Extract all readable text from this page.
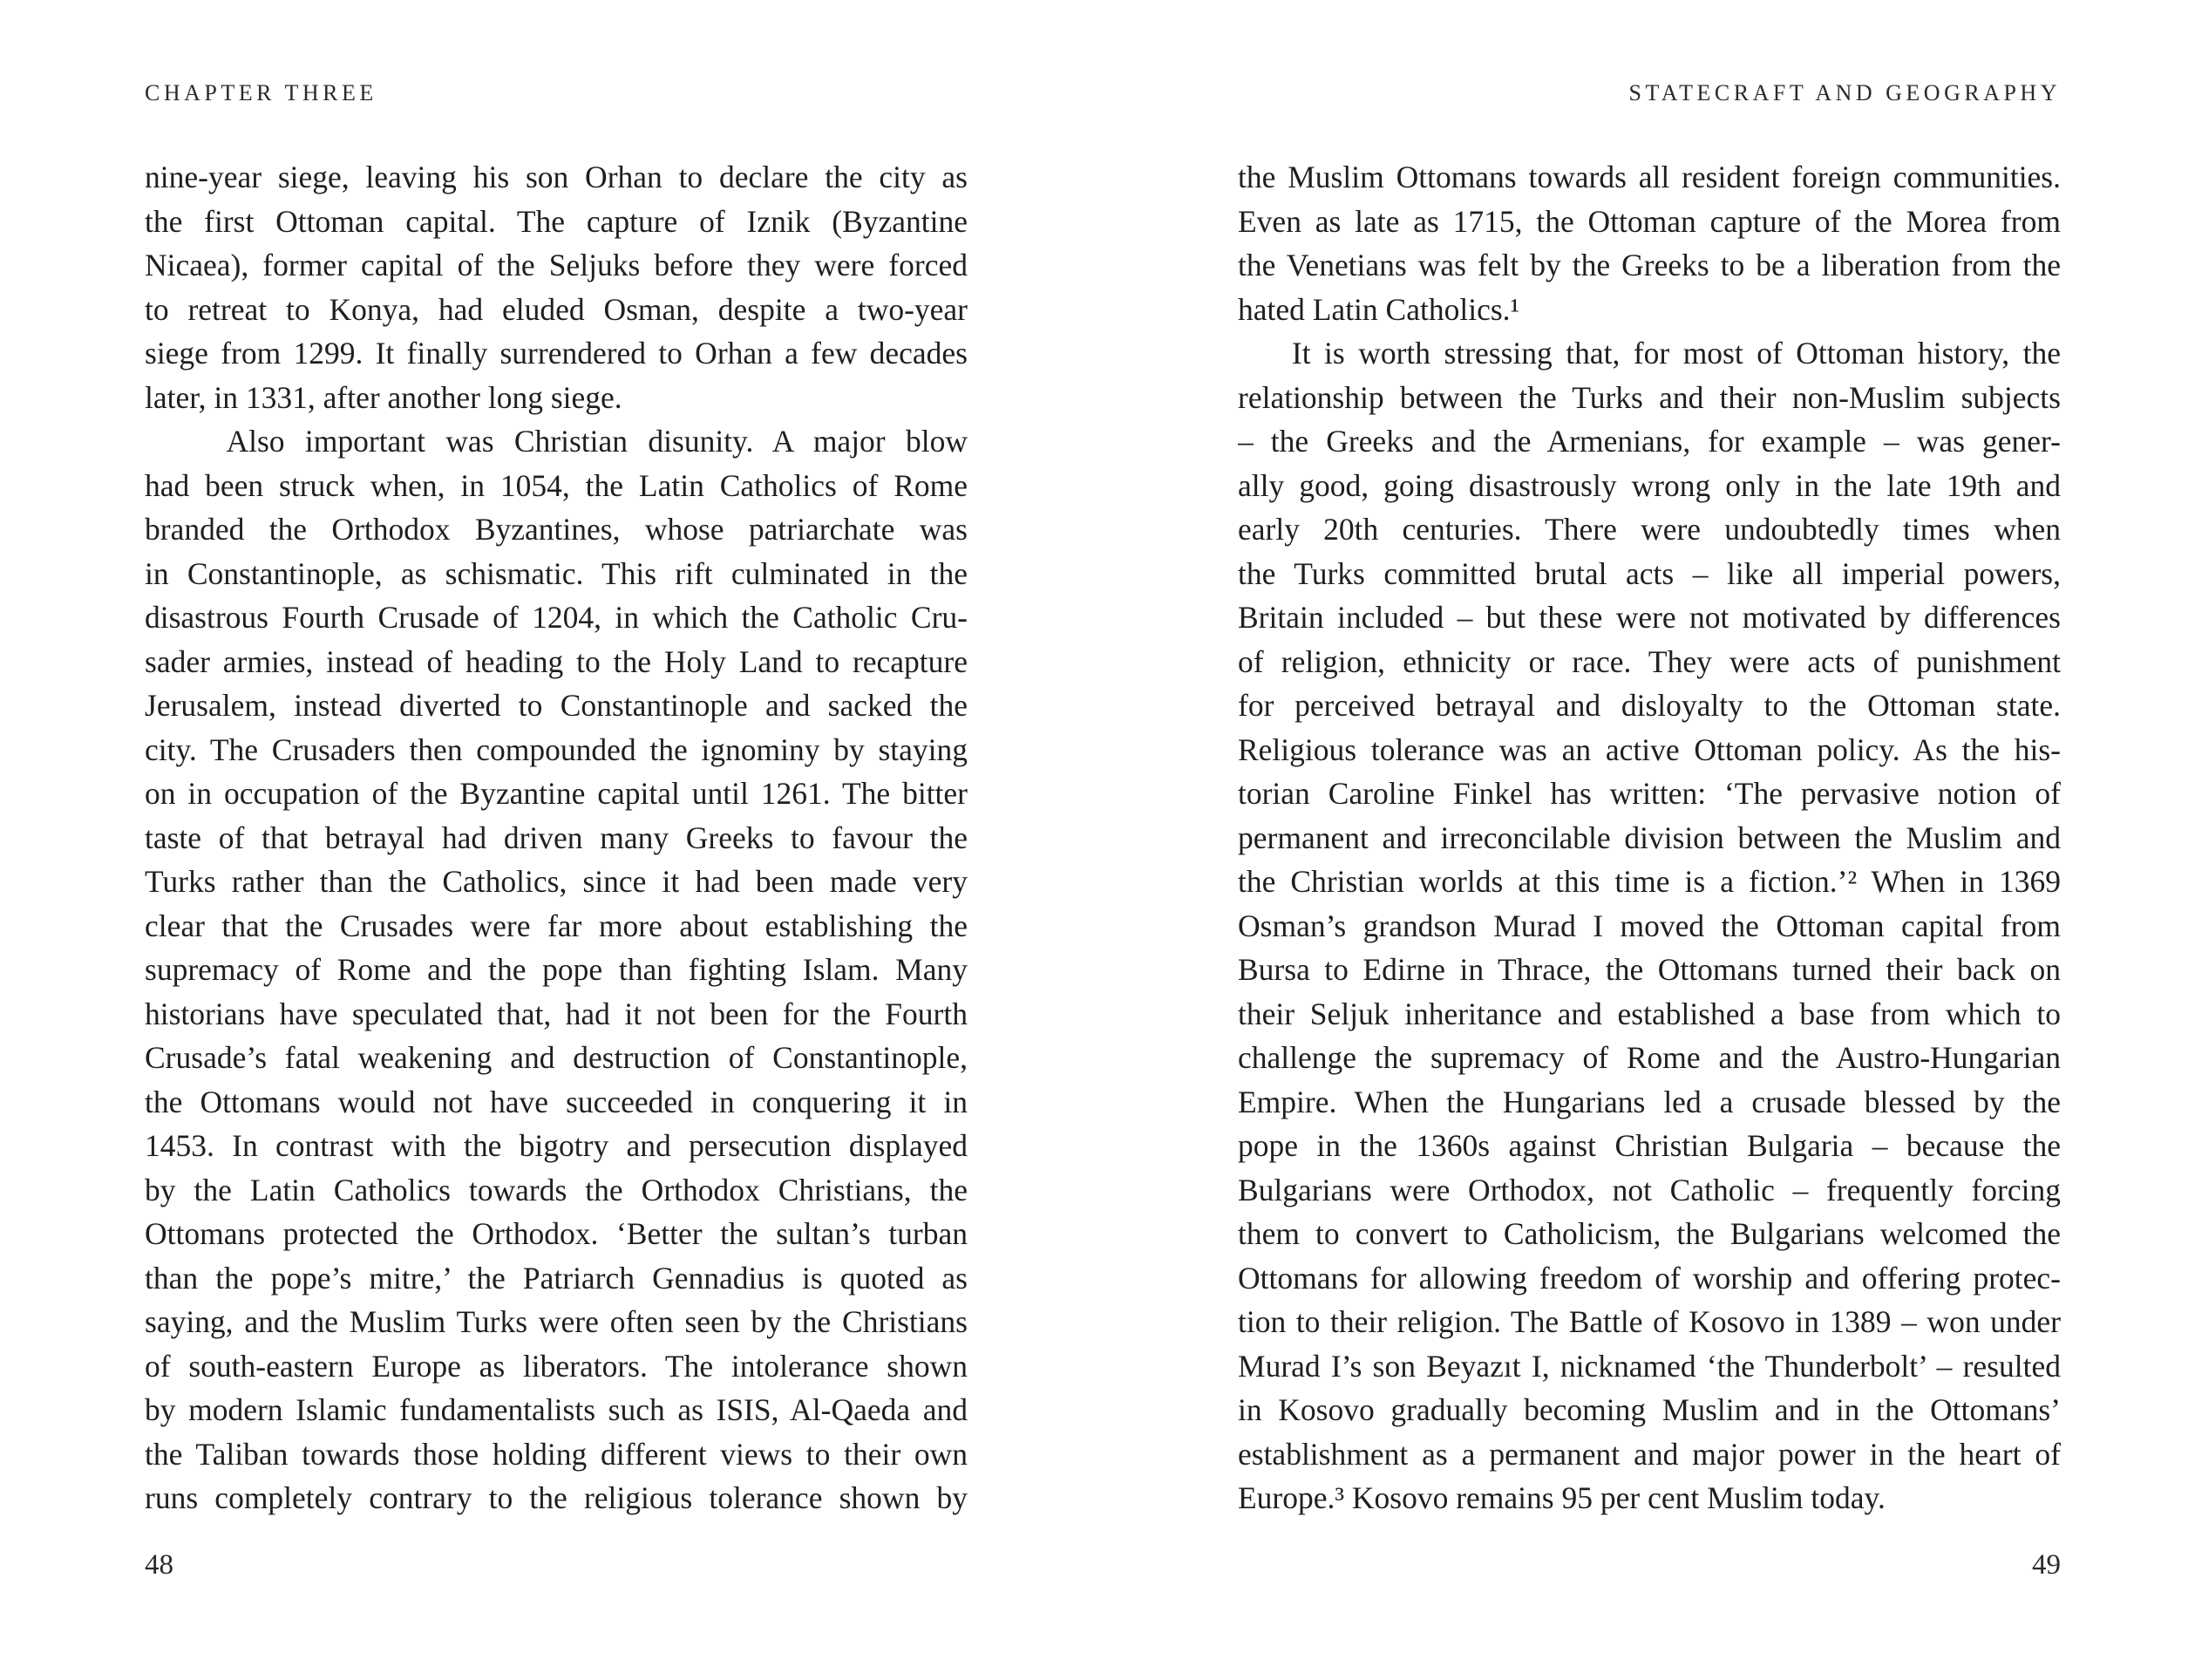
CHAPTER THREE
nine-year siege, leaving his son Orhan to declare the city as
the first Ottoman capital. The capture of Iznik (Byzantine
Nicaea), former capital of the Seljuks before they were forced
to retreat to Konya, had eluded Osman, despite a two-year
siege from 1299. It finally surrendered to Orhan a few decades
later, in 1331, after another long siege.
Also important was Christian disunity. A major blow
had been struck when, in 1054, the Latin Catholics of Rome
branded the Orthodox Byzantines, whose patriarchate was
in Constantinople, as schismatic. This rift culminated in the
disastrous Fourth Crusade of 1204, in which the Catholic Cru-
sader armies, instead of heading to the Holy Land to recapture
Jerusalem, instead diverted to Constantinople and sacked the
city. The Crusaders then compounded the ignominy by staying
on in occupation of the Byzantine capital until 1261. The bitter
taste of that betrayal had driven many Greeks to favour the
Turks rather than the Catholics, since it had been made very
clear that the Crusades were far more about establishing the
supremacy of Rome and the pope than fighting Islam. Many
historians have speculated that, had it not been for the Fourth
Crusade’s fatal weakening and destruction of Constantinople,
the Ottomans would not have succeeded in conquering it in
1453. In contrast with the bigotry and persecution displayed
by the Latin Catholics towards the Orthodox Christians, the
Ottomans protected the Orthodox. ‘Better the sultan’s turban
than the pope’s mitre,’ the Patriarch Gennadius is quoted as
saying, and the Muslim Turks were often seen by the Christians
of south-eastern Europe as liberators. The intolerance shown
by modern Islamic fundamentalists such as ISIS, Al-Qaeda and
the Taliban towards those holding different views to their own
runs completely contrary to the religious tolerance shown by
48
STATECRAFT AND GEOGRAPHY
the Muslim Ottomans towards all resident foreign communities.
Even as late as 1715, the Ottoman capture of the Morea from
the Venetians was felt by the Greeks to be a liberation from the
hated Latin Catholics.¹
It is worth stressing that, for most of Ottoman history, the
relationship between the Turks and their non-Muslim subjects
– the Greeks and the Armenians, for example – was gener-
ally good, going disastrously wrong only in the late 19th and
early 20th centuries. There were undoubtedly times when
the Turks committed brutal acts – like all imperial powers,
Britain included – but these were not motivated by differences
of religion, ethnicity or race. They were acts of punishment
for perceived betrayal and disloyalty to the Ottoman state.
Religious tolerance was an active Ottoman policy. As the his-
torian Caroline Finkel has written: ‘The pervasive notion of
permanent and irreconcilable division between the Muslim and
the Christian worlds at this time is a fiction.’² When in 1369
Osman’s grandson Murad I moved the Ottoman capital from
Bursa to Edirne in Thrace, the Ottomans turned their back on
their Seljuk inheritance and established a base from which to
challenge the supremacy of Rome and the Austro-Hungarian
Empire. When the Hungarians led a crusade blessed by the
pope in the 1360s against Christian Bulgaria – because the
Bulgarians were Orthodox, not Catholic – frequently forcing
them to convert to Catholicism, the Bulgarians welcomed the
Ottomans for allowing freedom of worship and offering protec-
tion to their religion. The Battle of Kosovo in 1389 – won under
Murad I’s son Beyazıt I, nicknamed ‘the Thunderbolt’ – resulted
in Kosovo gradually becoming Muslim and in the Ottomans’
establishment as a permanent and major power in the heart of
Europe.³ Kosovo remains 95 per cent Muslim today.
49
